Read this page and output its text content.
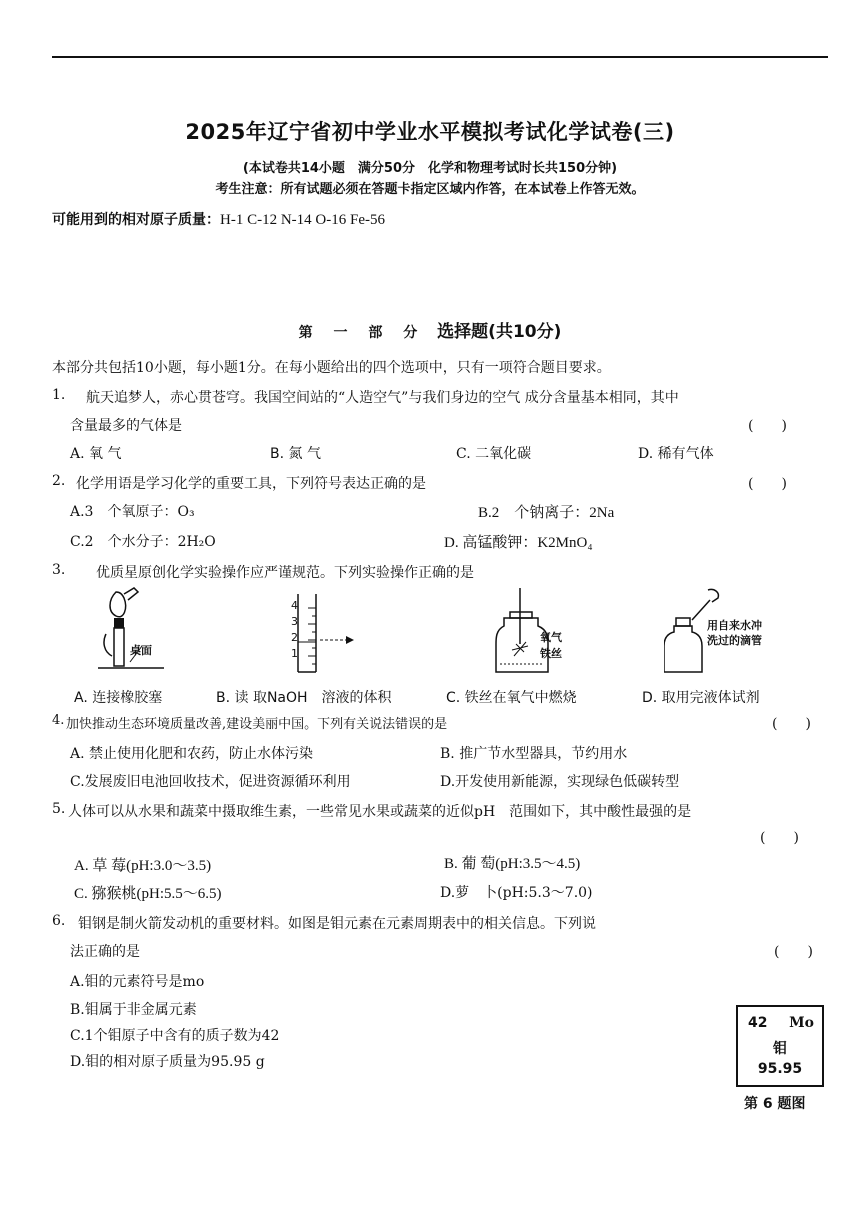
2025年辽宁省初中学业水平模拟考试化学试卷(三)
(本试卷共14小题　满分50分　化学和物理考试时长共150分钟)
考生注意：所有试题必须在答题卡指定区域内作答，在本试卷上作答无效。
可能用到的相对原子质量：H-1 C-12 N-14 O-16 Fe-56
第 一 部 分 选择题(共10分)
本部分共包括10小题，每小题1分。在每小题给出的四个选项中，只有一项符合题目要求。
1. 航天追梦人，赤心贯苍穹。我国空间站的“人造空气”与我们身边的空气 成分含量基本相同，其中
含量最多的气体是	(　　)
A. 氧 气	B. 氮 气	C. 二氧化碳	D. 稀有气体
2. 化学用语是学习化学的重要工具，下列符号表达正确的是	(　　)
A.3　个氧原子：O₃	B.2　个钠离子：2Na
C.2　个水分子：2H₂O	D. 高锰酸钾：K2MnO₄
3. 优质星原创化学实验操作应严谨规范。下列实验操作正确的是
桌面
4
3
2
1
氧气
铁丝
用自来水冲
洗过的滴管
A. 连接橡胶塞	B. 读 取NaOH　溶液的体积	C. 铁丝在氧气中燃烧	D. 取用完液体试剂
4. 加快推动生态环境质量改善,建设美丽中国。下列有关说法错误的是	(　　)
A. 禁止使用化肥和农药，防止水体污染	B. 推广节水型器具，节约用水
C.发展废旧电池回收技术，促进资源循环利用	D.开发使用新能源，实现绿色低碳转型
5. 人体可以从水果和蔬菜中摄取维生素，一些常见水果或蔬菜的近似pH　范围如下，其中酸性最强的是
(　　)
A. 草 莓(pH:3.0～3.5)	B. 葡 萄(pH:3.5～4.5)
C. 猕猴桃(pH:5.5～6.5)	D.萝　卜(pH:5.3～7.0)
6. 钼钢是制火箭发动机的重要材料。如图是钼元素在元素周期表中的相关信息。下列说
法正确的是	(　　)
A.钼的元素符号是mo
B.钼属于非金属元素
C.1个钼原子中含有的质子数为42
D.钼的相对原子质量为95.95 g
42 Mo
钼
95.95
第 6 题图
